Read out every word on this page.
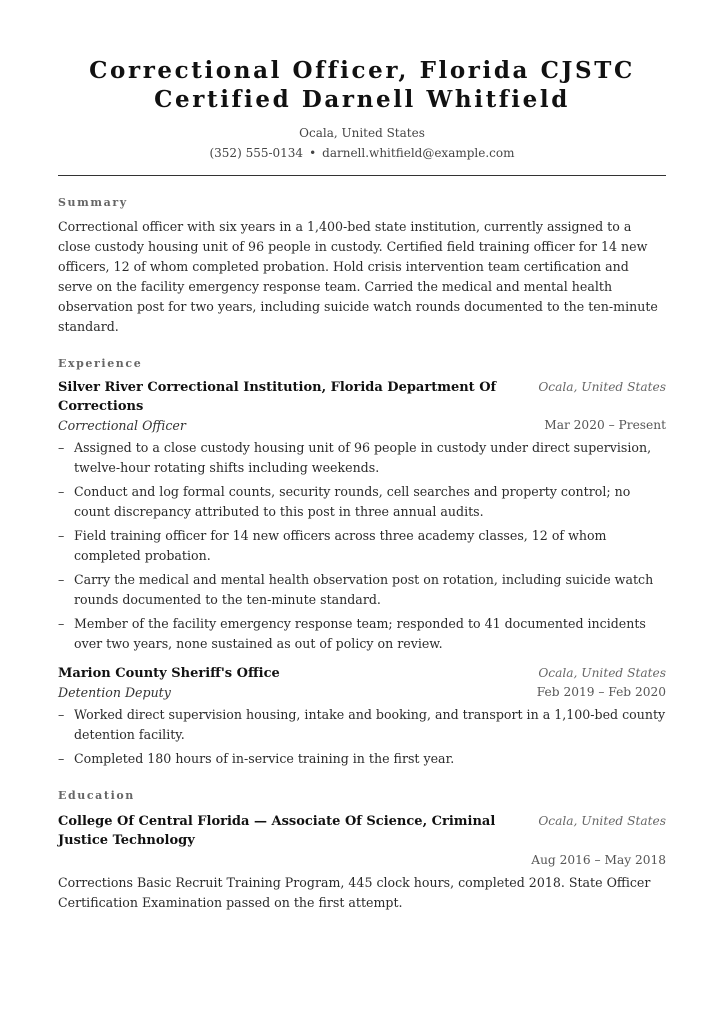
Correctional Officer, Florida CJSTC
Certified Darnell Whitfield
Ocala, United States
(352) 555-0134 • darnell.whitfield@example.com
Summary

Correctional officer with six years in a 1,400-bed state institution, currently assigned to a close custody housing unit of 96 people in custody. Certified field training officer for 14 new officers, 12 of whom completed probation. Hold crisis intervention team certification and serve on the facility emergency response team. Carried the medical and mental health observation post for two years, including suicide watch rounds documented to the ten-minute standard.

Experience
Silver River Correctional Institution, Florida Department Of Corrections
Ocala, United States
Correctional Officer	Mar 2020 – Present
– Assigned to a close custody housing unit of 96 people in custody under direct supervision, twelve-hour rotating shifts including weekends.
– Conduct and log formal counts, security rounds, cell searches and property control; no count discrepancy attributed to this post in three annual audits.
– Field training officer for 14 new officers across three academy classes, 12 of whom completed probation.
– Carry the medical and mental health observation post on rotation, including suicide watch rounds documented to the ten-minute standard.
– Member of the facility emergency response team; responded to 41 documented incidents over two years, none sustained as out of policy on review.
Marion County Sheriff's Office	Ocala, United States
Detention Deputy	Feb 2019 – Feb 2020
– Worked direct supervision housing, intake and booking, and transport in a 1,100-bed county detention facility.
– Completed 180 hours of in-service training in the first year.
Education
College Of Central Florida — Associate Of Science, Criminal Justice Technology
Ocala, United States
Aug 2016 – May 2018

Corrections Basic Recruit Training Program, 445 clock hours, completed 2018. State Officer Certification Examination passed on the first attempt.
